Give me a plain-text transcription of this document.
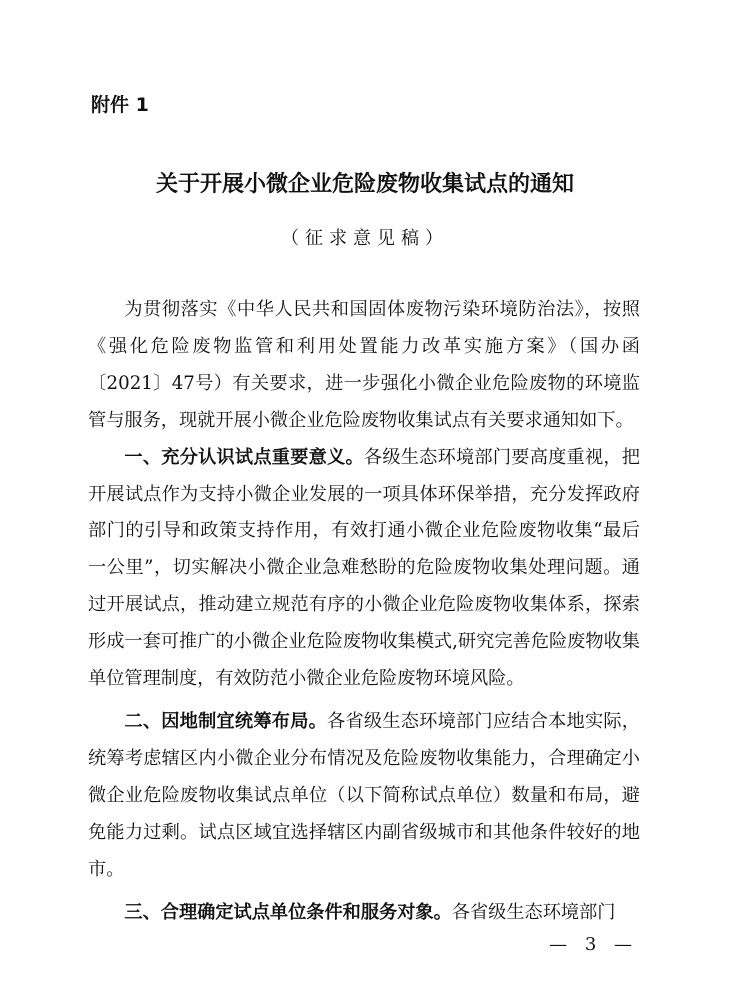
附件 1
关于开展小微企业危险废物收集试点的通知
（征求意见稿）

为贯彻落实《中华人民共和国固体废物污染环境防治法》，按照《强化危险废物监管和利用处置能力改革实施方案》（国办函〔2021〕47号）有关要求，进一步强化小微企业危险废物的环境监管与服务，现就开展小微企业危险废物收集试点有关要求通知如下。

一、充分认识试点重要意义。各级生态环境部门要高度重视，把开展试点作为支持小微企业发展的一项具体环保举措，充分发挥政府部门的引导和政策支持作用，有效打通小微企业危险废物收集“最后一公里”，切实解决小微企业急难愁盼的危险废物收集处理问题。通过开展试点，推动建立规范有序的小微企业危险废物收集体系，探索形成一套可推广的小微企业危险废物收集模式,研究完善危险废物收集单位管理制度，有效防范小微企业危险废物环境风险。

二、因地制宜统筹布局。各省级生态环境部门应结合本地实际，统筹考虑辖区内小微企业分布情况及危险废物收集能力，合理确定小微企业危险废物收集试点单位（以下简称试点单位）数量和布局，避免能力过剩。试点区域宜选择辖区内副省级城市和其他条件较好的地市。

三、合理确定试点单位条件和服务对象。各省级生态环境部门

— 3 —
